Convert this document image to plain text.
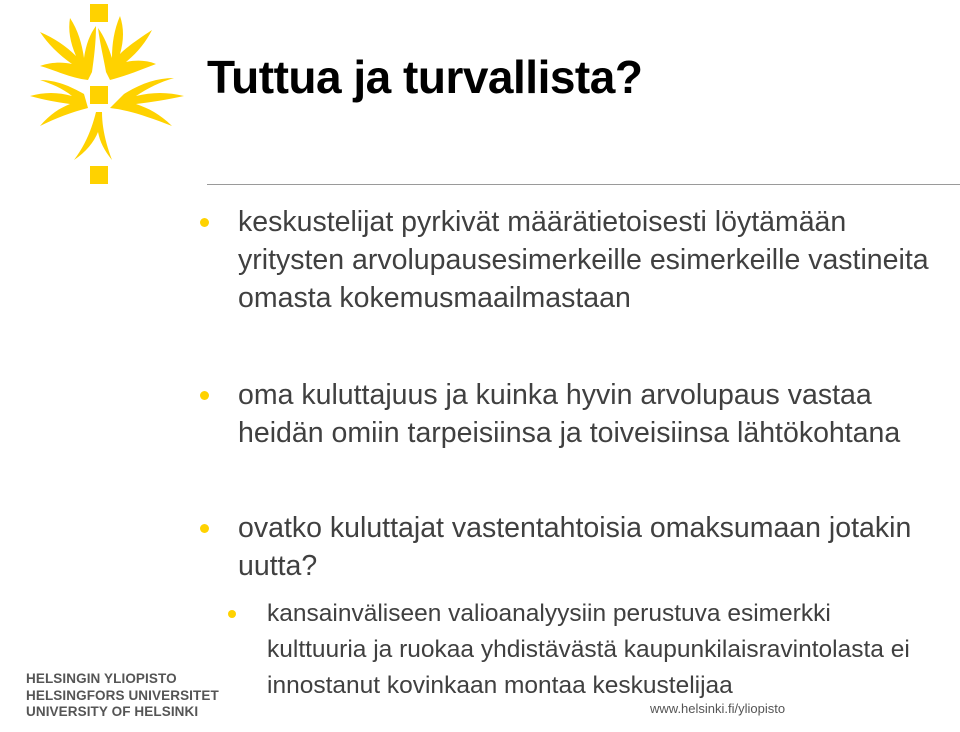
Tuttua ja turvallista?
keskustelijat pyrkivät määrätietoisesti löytämään yritysten arvolupausesimerkeille esimerkeille vastineita omasta kokemusmaailmastaan
oma kuluttajuus ja kuinka hyvin arvolupaus vastaa heidän omiin tarpeisiinsa ja toiveisiinsa lähtökohtana
ovatko kuluttajat vastentahtoisia omaksumaan jotakin uutta?
kansainväliseen valioanalyysiin perustuva esimerkki kulttuuria ja ruokaa yhdistävästä kaupunkilaisravintolasta ei innostanut kovinkaan montaa keskustelijaa
HELSINGIN YLIOPISTO
HELSINGFORS UNIVERSITET
UNIVERSITY OF HELSINKI	www.helsinki.fi/yliopisto
